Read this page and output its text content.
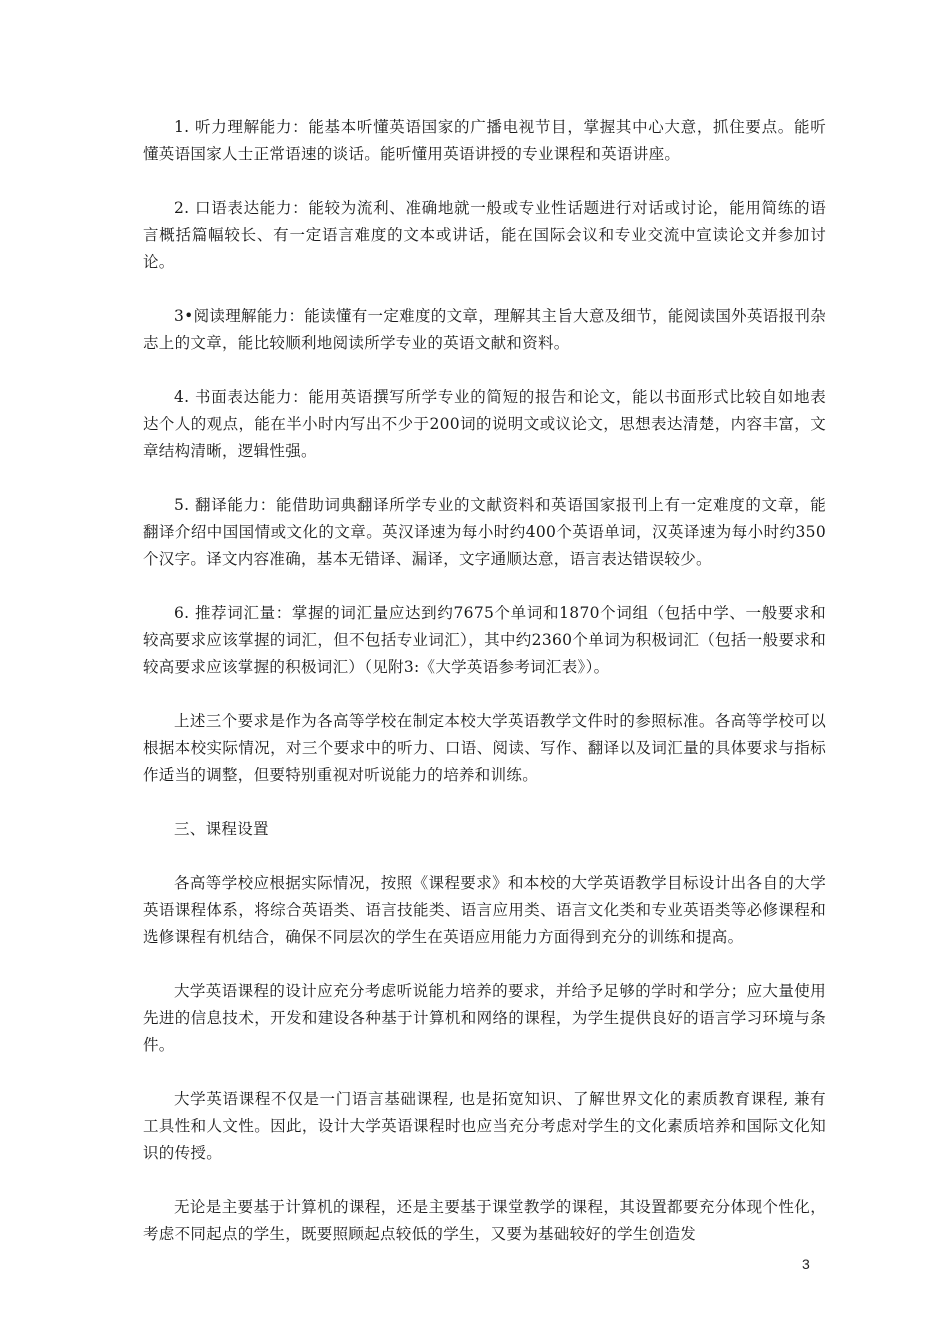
1. 听力理解能力：能基本听懂英语国家的广播电视节目，掌握其中心大意，抓住要点。能听懂英语国家人士正常语速的谈话。能听懂用英语讲授的专业课程和英语讲座。

2. 口语表达能力：能较为流利、准确地就一般或专业性话题进行对话或讨论，能用简练的语言概括篇幅较长、有一定语言难度的文本或讲话，能在国际会议和专业交流中宣读论文并参加讨论。

3•阅读理解能力：能读懂有一定难度的文章，理解其主旨大意及细节，能阅读国外英语报刊杂志上的文章，能比较顺利地阅读所学专业的英语文献和资料。

4. 书面表达能力：能用英语撰写所学专业的简短的报告和论文，能以书面形式比较自如地表达个人的观点，能在半小时内写出不少于200词的说明文或议论文，思想表达清楚，内容丰富，文章结构清晰，逻辑性强。

5. 翻译能力：能借助词典翻译所学专业的文献资料和英语国家报刊上有一定难度的文章，能翻译介绍中国国情或文化的文章。英汉译速为每小时约400个英语单词，汉英译速为每小时约350个汉字。译文内容准确，基本无错译、漏译，文字通顺达意，语言表达错误较少。

6. 推荐词汇量：掌握的词汇量应达到约7675个单词和1870个词组（包括中学、一般要求和较高要求应该掌握的词汇，但不包括专业词汇），其中约2360个单词为积极词汇（包括一般要求和较高要求应该掌握的积极词汇）（见附3:《大学英语参考词汇表》）。

上述三个要求是作为各高等学校在制定本校大学英语教学文件时的参照标准。各高等学校可以根据本校实际情况，对三个要求中的听力、口语、阅读、写作、翻译以及词汇量的具体要求与指标作适当的调整，但要特别重视对听说能力的培养和训练。

三、课程设置

各高等学校应根据实际情况，按照《课程要求》和本校的大学英语教学目标设计出各自的大学英语课程体系，将综合英语类、语言技能类、语言应用类、语言文化类和专业英语类等必修课程和选修课程有机结合，确保不同层次的学生在英语应用能力方面得到充分的训练和提高。

大学英语课程的设计应充分考虑听说能力培养的要求，并给予足够的学时和学分；应大量使用先进的信息技术，开发和建设各种基于计算机和网络的课程，为学生提供良好的语言学习环境与条件。

大学英语课程不仅是一门语言基础课程, 也是拓宽知识、了解世界文化的素质教育课程, 兼有工具性和人文性。因此，设计大学英语课程时也应当充分考虑对学生的文化素质培养和国际文化知识的传授。

无论是主要基于计算机的课程，还是主要基于课堂教学的课程，其设置都要充分体现个性化，考虑不同起点的学生，既要照顾起点较低的学生，又要为基础较好的学生创造发

3
